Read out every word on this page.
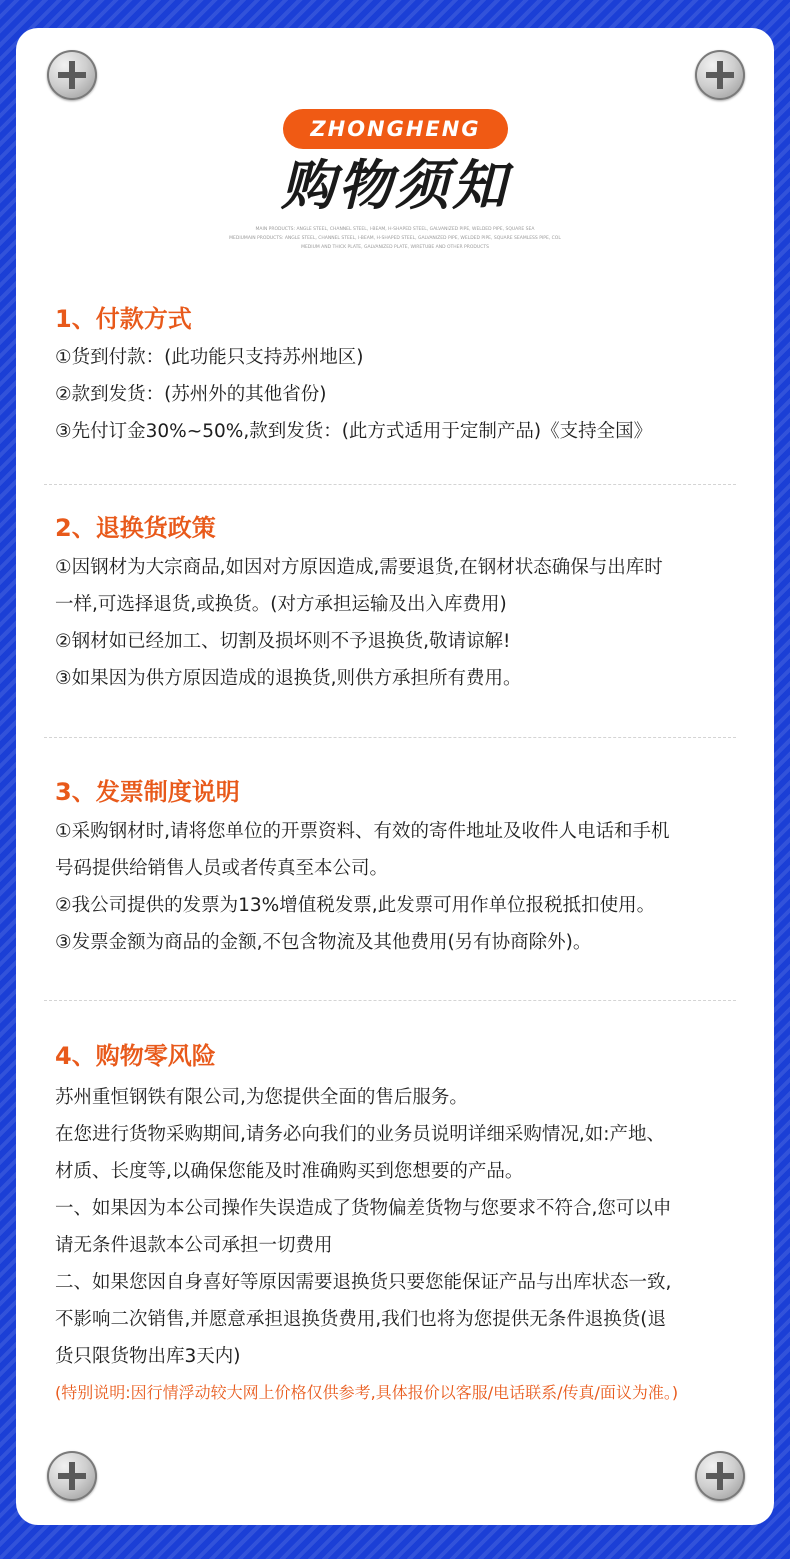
ZHONGHENG
购物须知
MAIN PRODUCTS: ANGLE STEEL, CHANNEL STEEL, I-BEAM, H-SHAPED STEEL, GALVANIZED PIPE, WELDED PIPE, SQUARE SEA
MEDIUMAIN PRODUCTS: ANGLE STEEL, CHANNEL STEEL, I-BEAM, H-SHAPED STEEL, GALVANIZED PIPE, WELDED PIPE, SQUARE SEAMLESS PIPE, COL
MEDIUM AND THICK PLATE, GALVANIZED PLATE, WIRETUBE AND OTHER PRODUCTS
1、付款方式
①货到付款：(此功能只支持苏州地区)
②款到发货：(苏州外的其他省份)
③先付订金30%~50%,款到发货：(此方式适用于定制产品)《支持全国》
2、退换货政策
①因钢材为大宗商品,如因对方原因造成,需要退货,在钢材状态确保与出库时
一样,可选择退货,或换货。(对方承担运输及出入库费用)
②钢材如已经加工、切割及损坏则不予退换货,敬请谅解!
③如果因为供方原因造成的退换货,则供方承担所有费用。
3、发票制度说明
①采购钢材时,请将您单位的开票资料、有效的寄件地址及收件人电话和手机
号码提供给销售人员或者传真至本公司。
②我公司提供的发票为13%增值税发票,此发票可用作单位报税抵扣使用。
③发票金额为商品的金额,不包含物流及其他费用(另有协商除外)。
4、购物零风险
苏州重恒钢铁有限公司,为您提供全面的售后服务。
在您进行货物采购期间,请务必向我们的业务员说明详细采购情况,如:产地、
材质、长度等,以确保您能及时准确购买到您想要的产品。
一、如果因为本公司操作失误造成了货物偏差货物与您要求不符合,您可以申
请无条件退款本公司承担一切费用
二、如果您因自身喜好等原因需要退换货只要您能保证产品与出库状态一致,
不影响二次销售,并愿意承担退换货费用,我们也将为您提供无条件退换货(退
货只限货物出库3天内)
(特别说明:因行情浮动较大网上价格仅供参考,具体报价以客服/电话联系/传真/面议为准。)
